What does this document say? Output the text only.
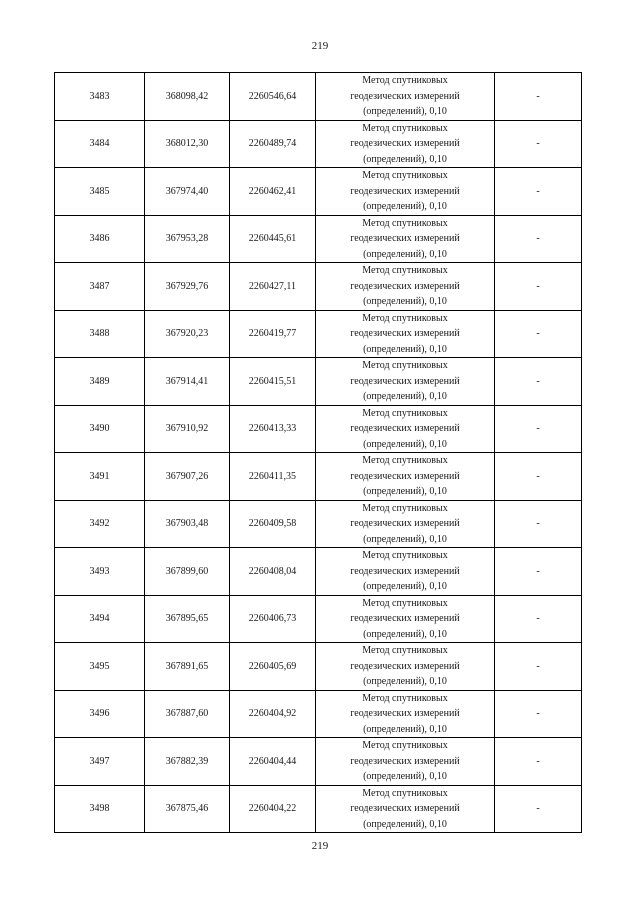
219
3483	368098,42	2260546,64	Метод спутниковых
геодезических измерений
(определений), 0,10	-
3484	368012,30	2260489,74	Метод спутниковых
геодезических измерений
(определений), 0,10	-
3485	367974,40	2260462,41	Метод спутниковых
геодезических измерений
(определений), 0,10	-
3486	367953,28	2260445,61	Метод спутниковых
геодезических измерений
(определений), 0,10	-
3487	367929,76	2260427,11	Метод спутниковых
геодезических измерений
(определений), 0,10	-
3488	367920,23	2260419,77	Метод спутниковых
геодезических измерений
(определений), 0,10	-
3489	367914,41	2260415,51	Метод спутниковых
геодезических измерений
(определений), 0,10	-
3490	367910,92	2260413,33	Метод спутниковых
геодезических измерений
(определений), 0,10	-
3491	367907,26	2260411,35	Метод спутниковых
геодезических измерений
(определений), 0,10	-
3492	367903,48	2260409,58	Метод спутниковых
геодезических измерений
(определений), 0,10	-
3493	367899,60	2260408,04	Метод спутниковых
геодезических измерений
(определений), 0,10	-
3494	367895,65	2260406,73	Метод спутниковых
геодезических измерений
(определений), 0,10	-
3495	367891,65	2260405,69	Метод спутниковых
геодезических измерений
(определений), 0,10	-
3496	367887,60	2260404,92	Метод спутниковых
геодезических измерений
(определений), 0,10	-
3497	367882,39	2260404,44	Метод спутниковых
геодезических измерений
(определений), 0,10	-
3498	367875,46	2260404,22	Метод спутниковых
геодезических измерений
(определений), 0,10	-
219
